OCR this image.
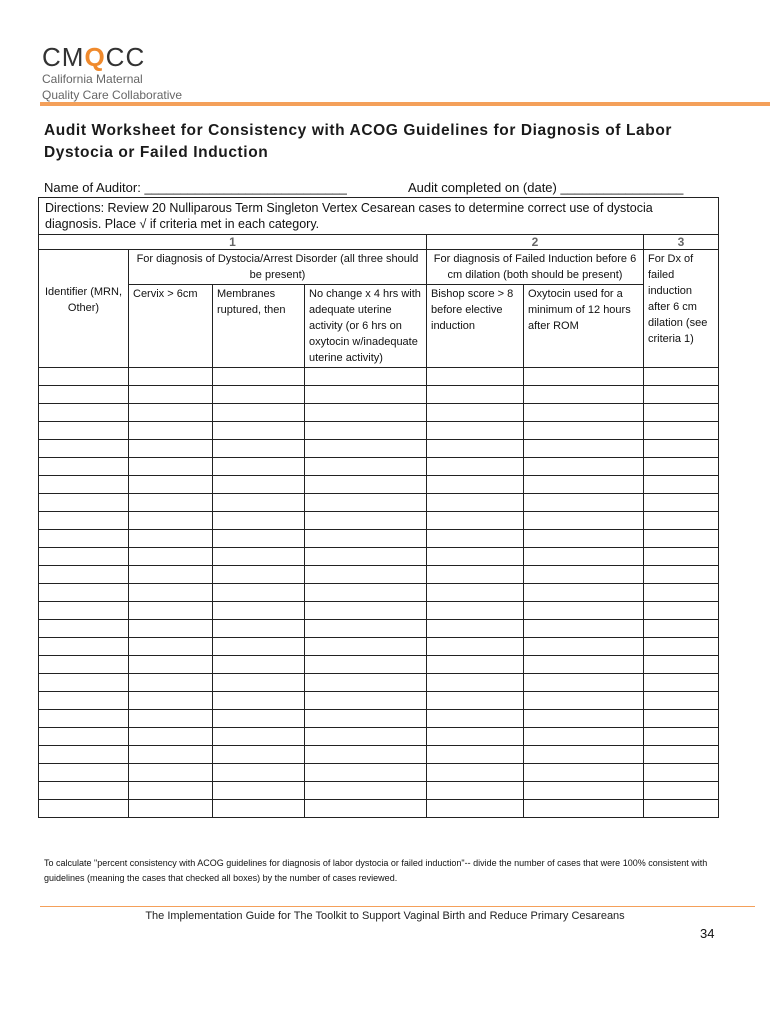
CMQCC
California Maternal
Quality Care Collaborative
Audit Worksheet for Consistency with ACOG Guidelines for Diagnosis of Labor Dystocia or Failed Induction
Name of Auditor: ____________________________	Audit completed on (date) _________________
Directions: Review 20 Nulliparous Term Singleton Vertex Cesarean cases to determine correct use of dystocia diagnosis. Place √ if criteria met in each category.						
1				2		3
Identifier (MRN, Other)	For diagnosis of Dystocia/Arrest Disorder (all three should be present)			For diagnosis of Failed Induction before 6 cm dilation (both should be present)		For Dx of failed induction after 6 cm dilation (see criteria 1)
	Cervix > 6cm	Membranes ruptured, then	No change x 4 hrs with adequate uterine activity (or 6 hrs on oxytocin w/inadequate uterine activity)	Bishop score > 8 before elective induction	Oxytocin used for a minimum of 12 hours after ROM	

To calculate "percent consistency with ACOG guidelines for diagnosis of labor dystocia or failed induction"-- divide the number of cases that were 100% consistent with guidelines (meaning the cases that checked all boxes) by the number of cases reviewed.
The Implementation Guide for The Toolkit to Support Vaginal Birth and Reduce Primary Cesareans
34
